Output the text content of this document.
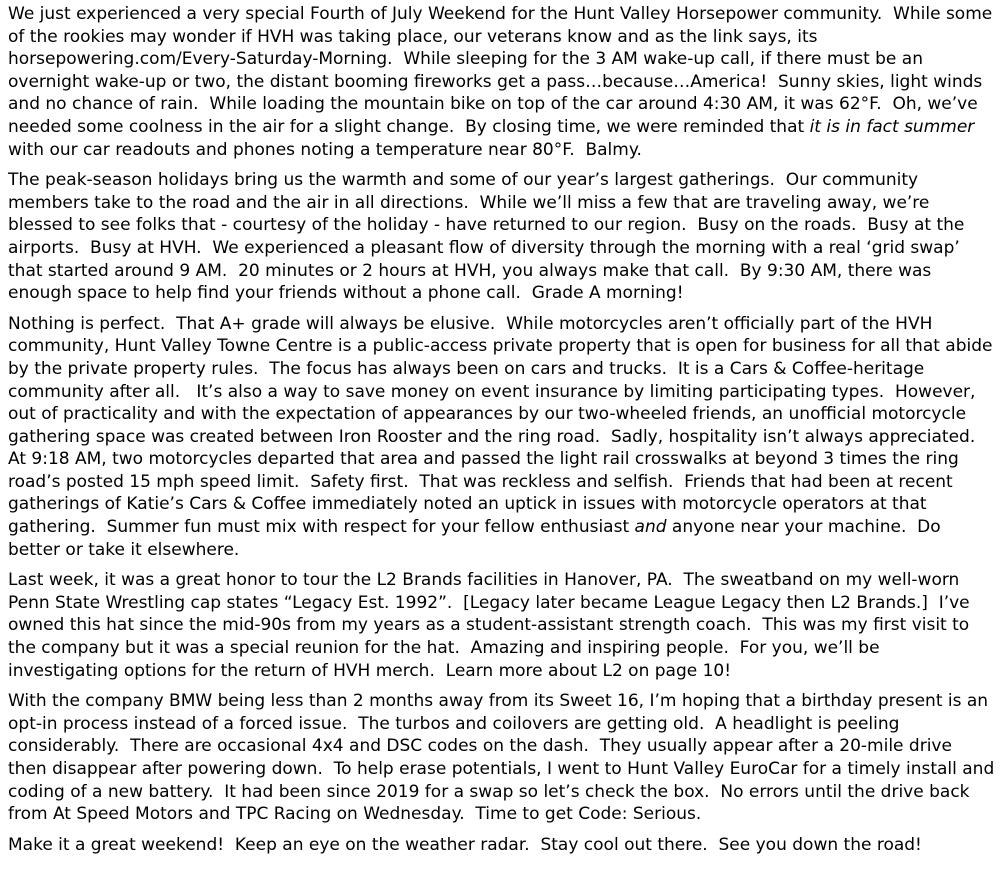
We just experienced a very special Fourth of July Weekend for the Hunt Valley Horsepower community.  While some of the rookies may wonder if HVH was taking place, our veterans know and as the link says, its horsepowering.com/Every-Saturday-Morning.  While sleeping for the 3 AM wake-up call, if there must be an overnight wake-up or two, the distant booming fireworks get a pass…because…America!  Sunny skies, light winds and no chance of rain.  While loading the mountain bike on top of the car around 4:30 AM, it was 62°F.  Oh, we’ve needed some coolness in the air for a slight change.  By closing time, we were reminded that it is in fact summer with our car readouts and phones noting a temperature near 80°F.  Balmy.

The peak-season holidays bring us the warmth and some of our year’s largest gatherings.  Our community members take to the road and the air in all directions.  While we’ll miss a few that are traveling away, we’re blessed to see folks that - courtesy of the holiday - have returned to our region.  Busy on the roads.  Busy at the airports.  Busy at HVH.  We experienced a pleasant flow of diversity through the morning with a real ‘grid swap’ that started around 9 AM.  20 minutes or 2 hours at HVH, you always make that call.  By 9:30 AM, there was enough space to help find your friends without a phone call.  Grade A morning!

Nothing is perfect.  That A+ grade will always be elusive.  While motorcycles aren’t officially part of the HVH community, Hunt Valley Towne Centre is a public-access private property that is open for business for all that abide by the private property rules.  The focus has always been on cars and trucks.  It is a Cars & Coffee-heritage community after all.   It’s also a way to save money on event insurance by limiting participating types.  However, out of practicality and with the expectation of appearances by our two-wheeled friends, an unofficial motorcycle gathering space was created between Iron Rooster and the ring road.  Sadly, hospitality isn’t always appreciated.  At 9:18 AM, two motorcycles departed that area and passed the light rail crosswalks at beyond 3 times the ring road’s posted 15 mph speed limit.  Safety first.  That was reckless and selfish.  Friends that had been at recent gatherings of Katie’s Cars & Coffee immediately noted an uptick in issues with motorcycle operators at that gathering.  Summer fun must mix with respect for your fellow enthusiast and anyone near your machine.  Do better or take it elsewhere.

Last week, it was a great honor to tour the L2 Brands facilities in Hanover, PA.  The sweatband on my well-worn Penn State Wrestling cap states “Legacy Est. 1992”.  [Legacy later became League Legacy then L2 Brands.]  I’ve owned this hat since the mid-90s from my years as a student-assistant strength coach.  This was my first visit to the company but it was a special reunion for the hat.  Amazing and inspiring people.  For you, we’ll be investigating options for the return of HVH merch.  Learn more about L2 on page 10!

With the company BMW being less than 2 months away from its Sweet 16, I’m hoping that a birthday present is an opt-in process instead of a forced issue.  The turbos and coilovers are getting old.  A headlight is peeling considerably.  There are occasional 4x4 and DSC codes on the dash.  They usually appear after a 20-mile drive then disappear after powering down.  To help erase potentials, I went to Hunt Valley EuroCar for a timely install and coding of a new battery.  It had been since 2019 for a swap so let’s check the box.  No errors until the drive back from At Speed Motors and TPC Racing on Wednesday.  Time to get Code: Serious.

Make it a great weekend!  Keep an eye on the weather radar.  Stay cool out there.  See you down the road!
